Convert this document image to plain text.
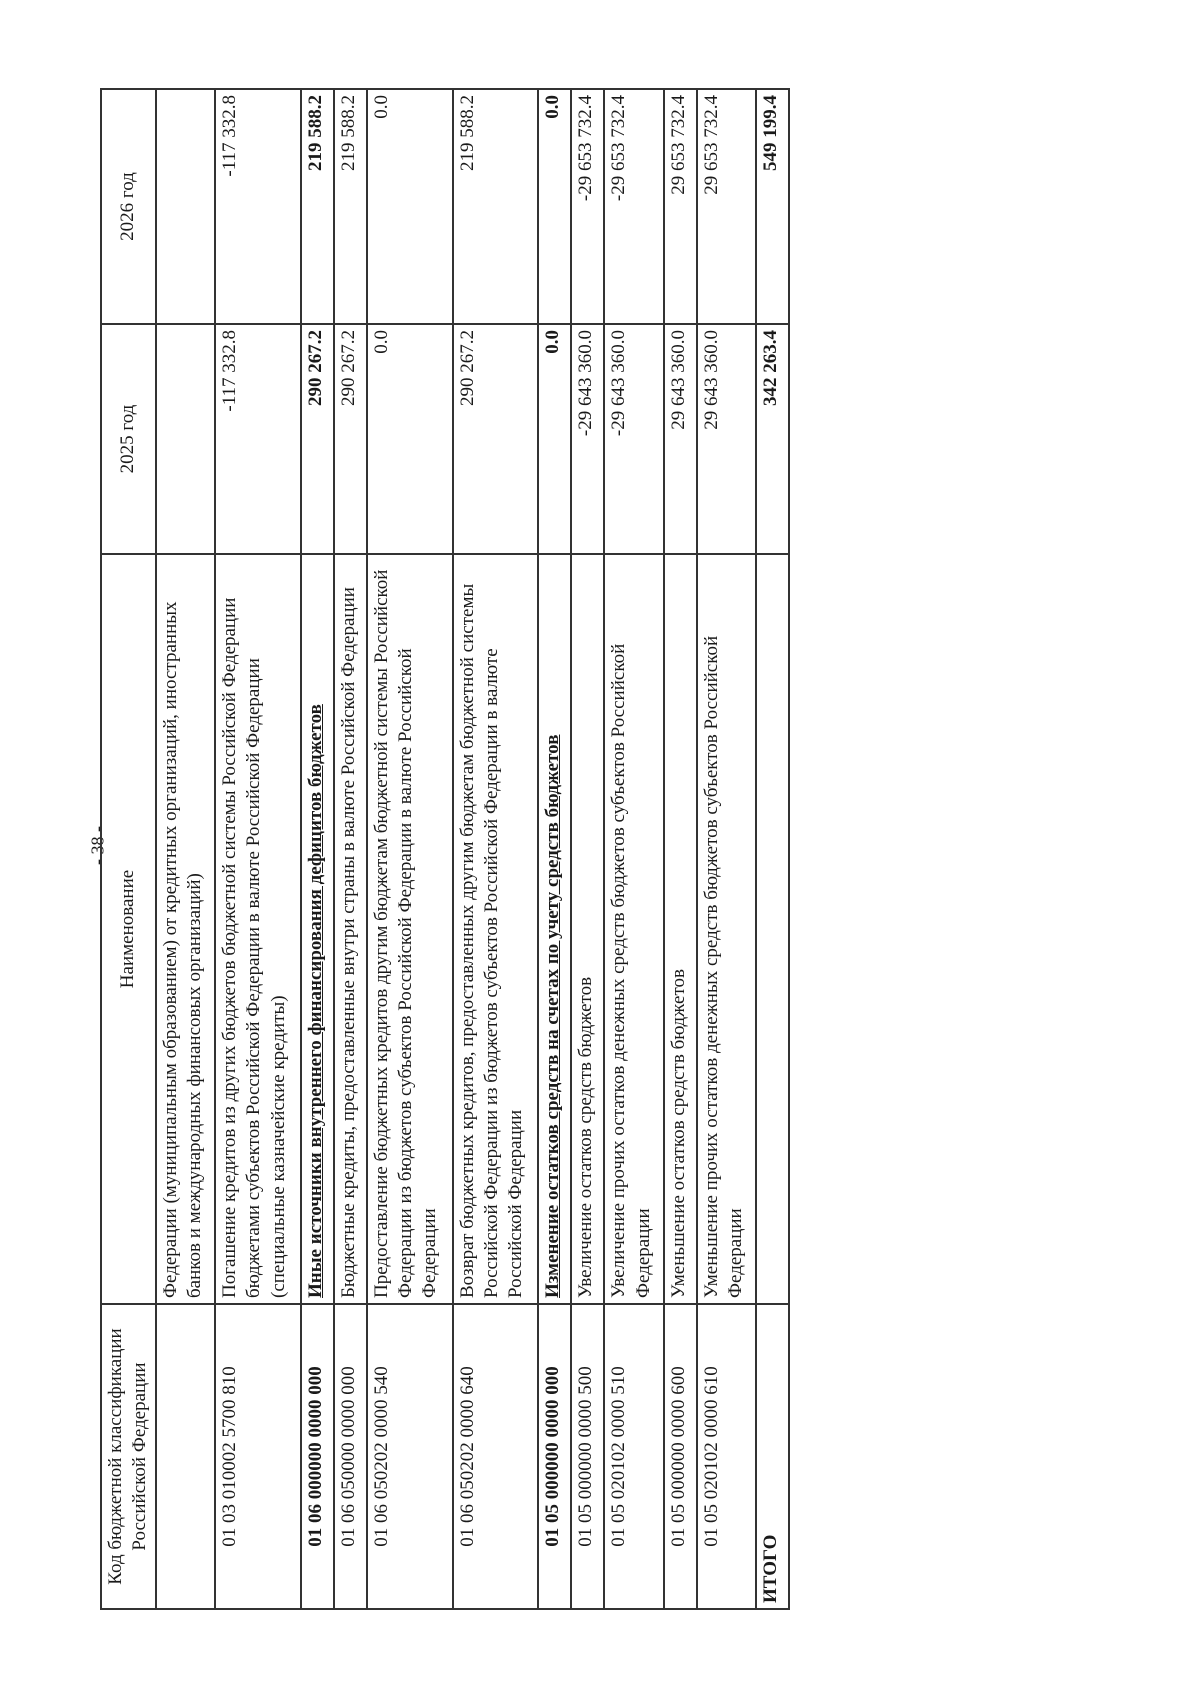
- 38 -
Код бюджетной классификации Российской Федерации	Наименование	2025 год	2026 год
	Федерации (муниципальным образованием) от кредитных организаций, иностранных банков и международных финансовых организаций)		
01 03 010002 5700 810	Погашение кредитов из других бюджетов бюджетной системы Российской Федерации бюджетами субъектов Российской Федерации в валюте Российской Федерации (специальные казначейские кредиты)	-117 332.8	-117 332.8
01 06 000000 0000 000	Иные источники внутреннего финансирования дефицитов бюджетов	290 267.2	219 588.2
01 06 050000 0000 000	Бюджетные кредиты, предоставленные внутри страны в валюте Российской Федерации	290 267.2	219 588.2
01 06 050202 0000 540	Предоставление бюджетных кредитов другим бюджетам бюджетной системы Российской Федерации из бюджетов субъектов Российской Федерации в валюте Российской Федерации	0.0	0.0
01 06 050202 0000 640	Возврат бюджетных кредитов, предоставленных другим бюджетам бюджетной системы Российской Федерации из бюджетов субъектов Российской Федерации в валюте Российской Федерации	290 267.2	219 588.2
01 05 000000 0000 000	Изменение остатков средств на счетах по учету средств бюджетов	0.0	0.0
01 05 000000 0000 500	Увеличение остатков средств бюджетов	-29 643 360.0	-29 653 732.4
01 05 020102 0000 510	Увеличение прочих остатков денежных средств бюджетов субъектов Российской Федерации	-29 643 360.0	-29 653 732.4
01 05 000000 0000 600	Уменьшение остатков средств бюджетов	29 643 360.0	29 653 732.4
01 05 020102 0000 610	Уменьшение прочих остатков денежных средств бюджетов субъектов Российской Федерации	29 643 360.0	29 653 732.4
ИТОГО		342 263.4	549 199.4
